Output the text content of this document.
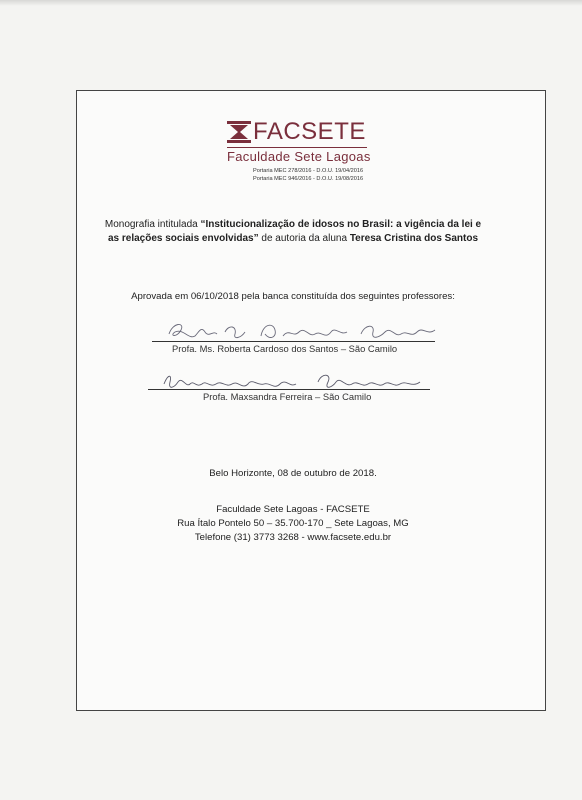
FACSETE
Faculdade Sete Lagoas
Portaria MEC 278/2016 - D.O.U. 19/04/2016
Portaria MEC 946/2016 - D.O.U. 19/08/2016
Monografia intitulada “Institucionalização de idosos no Brasil: a vigência da lei e as relações sociais envolvidas” de autoria da aluna Teresa Cristina dos Santos
Aprovada em 06/10/2018 pela banca constituída dos seguintes professores:
Profa. Ms. Roberta Cardoso dos Santos – São Camilo
Profa. Maxsandra Ferreira – São Camilo
Belo Horizonte, 08 de outubro de 2018.
Faculdade Sete Lagoas - FACSETE
Rua Ítalo Pontelo 50 – 35.700-170 _ Sete Lagoas, MG
Telefone (31) 3773 3268 - www.facsete.edu.br
